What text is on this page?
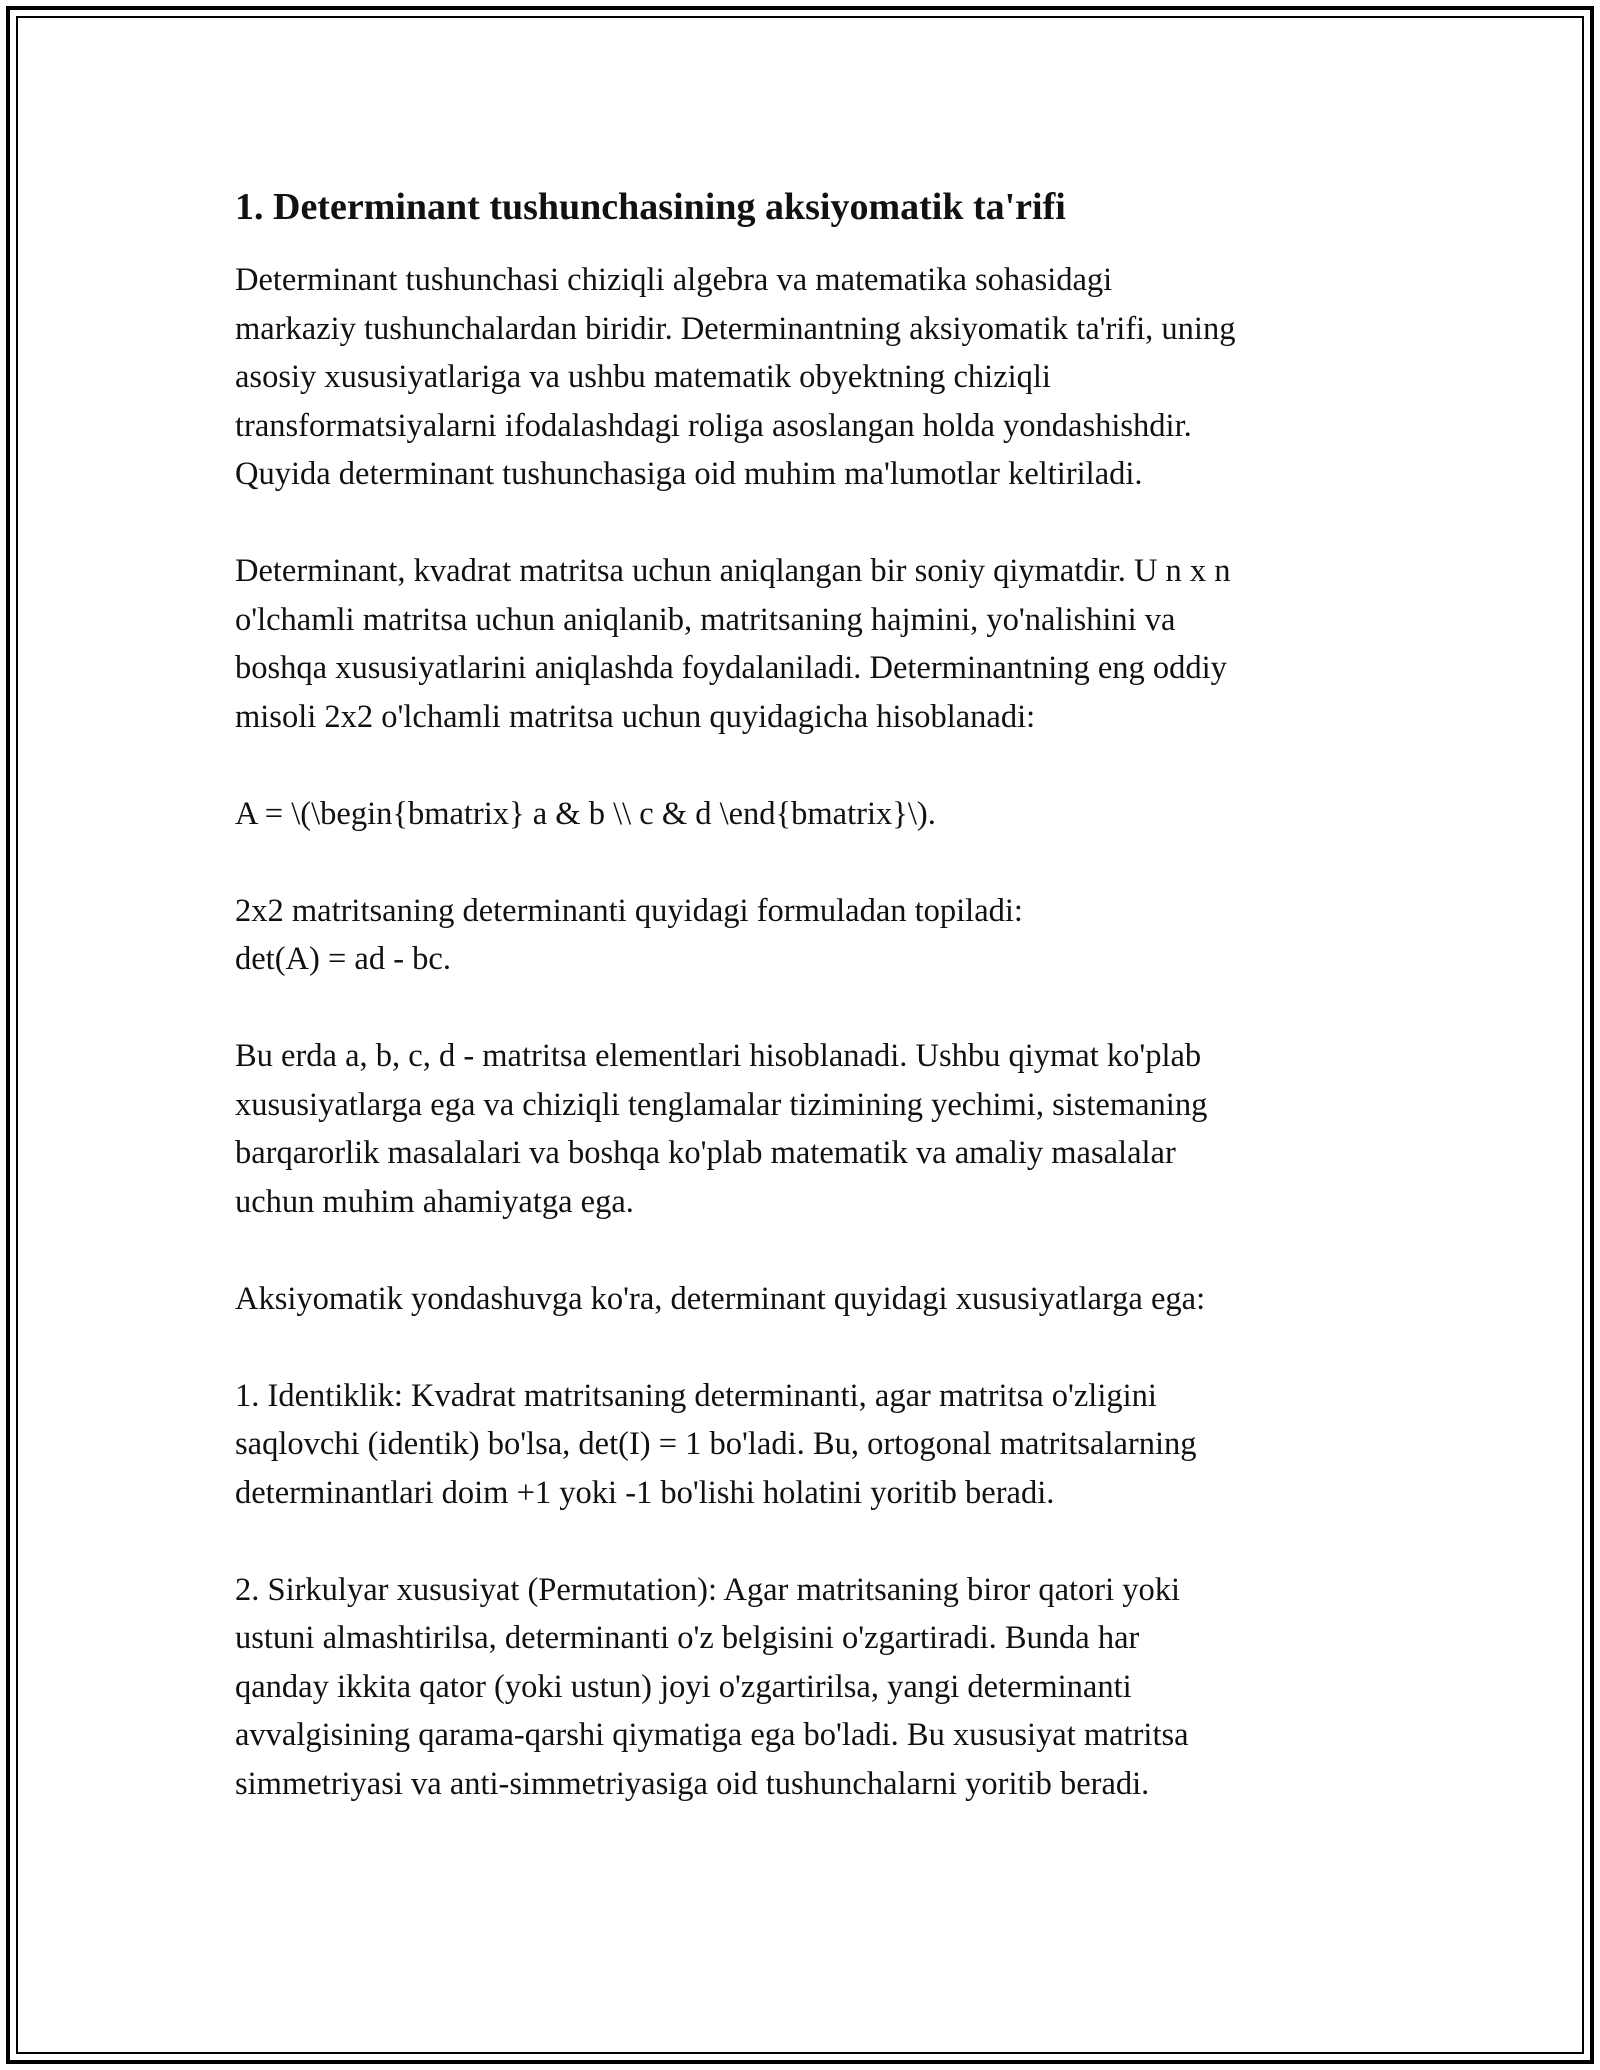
1. Determinant tushunchasining aksiyomatik ta'rifi

Determinant tushunchasi chiziqli algebra va matematika sohasidagi
markaziy tushunchalardan biridir. Determinantning aksiyomatik ta'rifi, uning
asosiy xususiyatlariga va ushbu matematik obyektning chiziqli
transformatsiyalarni ifodalashdagi roliga asoslangan holda yondashishdir.
Quyida determinant tushunchasiga oid muhim ma'lumotlar keltiriladi.

Determinant, kvadrat matritsa uchun aniqlangan bir soniy qiymatdir. U n x n
o'lchamli matritsa uchun aniqlanib, matritsaning hajmini, yo'nalishini va
boshqa xususiyatlarini aniqlashda foydalaniladi. Determinantning eng oddiy
misoli 2x2 o'lchamli matritsa uchun quyidagicha hisoblanadi:

A = \(\begin{bmatrix} a & b \\ c & d \end{bmatrix}\).

2x2 matritsaning determinanti quyidagi formuladan topiladi:
det(A) = ad - bc.

Bu erda a, b, c, d - matritsa elementlari hisoblanadi. Ushbu qiymat ko'plab
xususiyatlarga ega va chiziqli tenglamalar tizimining yechimi, sistemaning
barqarorlik masalalari va boshqa ko'plab matematik va amaliy masalalar
uchun muhim ahamiyatga ega.

Aksiyomatik yondashuvga ko'ra, determinant quyidagi xususiyatlarga ega:

1. Identiklik: Kvadrat matritsaning determinanti, agar matritsa o'zligini
saqlovchi (identik) bo'lsa, det(I) = 1 bo'ladi. Bu, ortogonal matritsalarning
determinantlari doim +1 yoki -1 bo'lishi holatini yoritib beradi.

2. Sirkulyar xususiyat (Permutation): Agar matritsaning biror qatori yoki
ustuni almashtirilsa, determinanti o'z belgisini o'zgartiradi. Bunda har
qanday ikkita qator (yoki ustun) joyi o'zgartirilsa, yangi determinanti
avvalgisining qarama-qarshi qiymatiga ega bo'ladi. Bu xususiyat matritsa
simmetriyasi va anti-simmetriyasiga oid tushunchalarni yoritib beradi.
